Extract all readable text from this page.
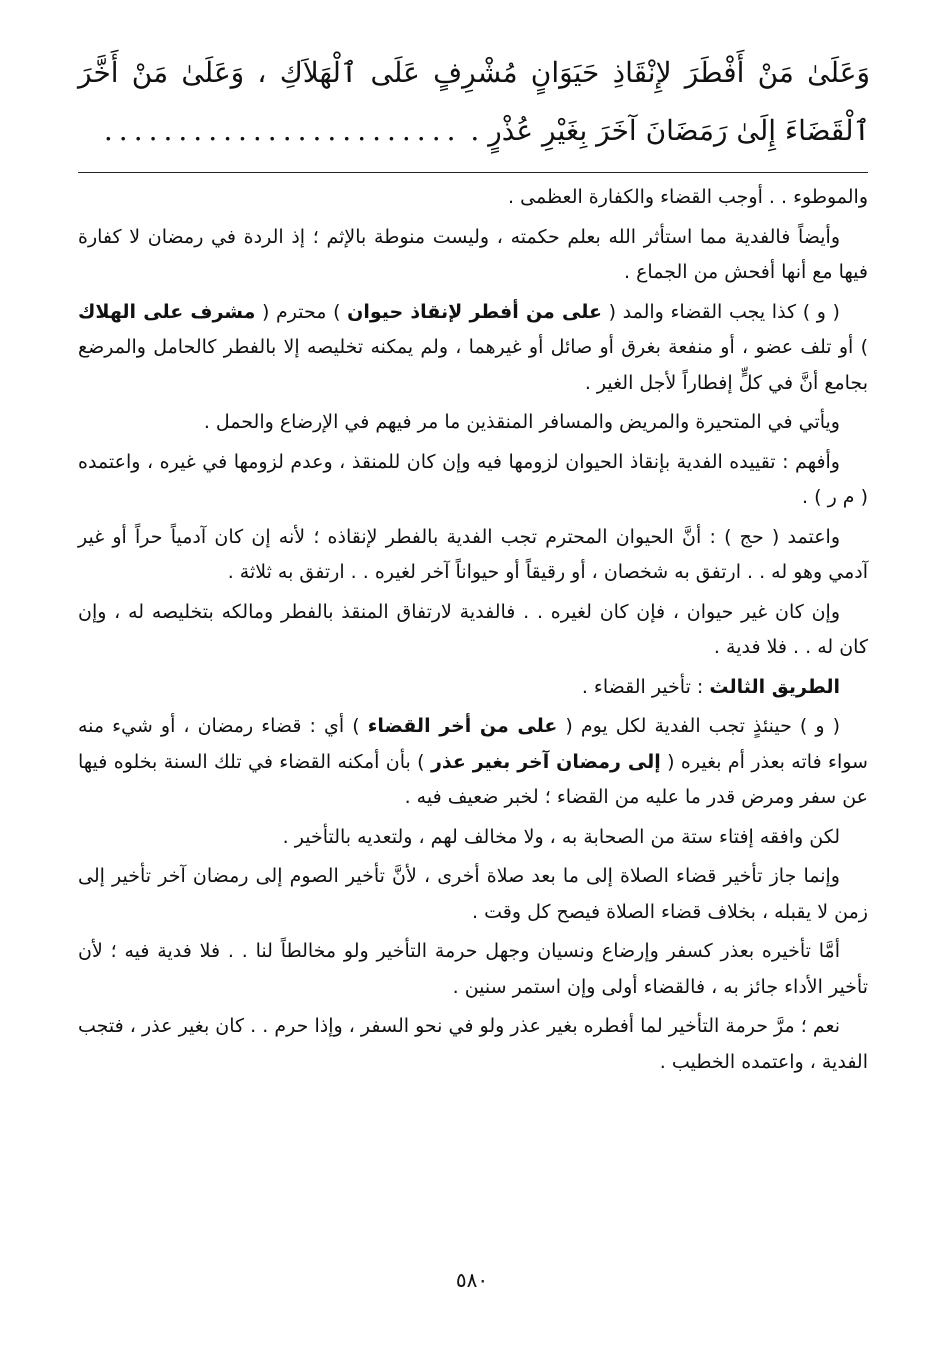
وَعَلَىٰ مَنْ أَفْطَرَ لإِنْقَاذِ حَيَوَانٍ مُشْرِفٍ عَلَى ٱلْهَلاَكِ ، وَعَلَىٰ مَنْ أَخَّرَ ٱلْقَضَاءَ إِلَىٰ رَمَضَانَ آخَرَ بِغَيْرِ عُذْرٍ . ........................

والموطوء . . أوجب القضاء والكفارة العظمى .

وأيضاً فالفدية مما استأثر الله بعلم حكمته ، وليست منوطة بالإثم ؛ إذ الردة في رمضان لا كفارة فيها مع أنها أفحش من الجماع .

( و ) كذا يجب القضاء والمد ( على من أفطر لإنقاذ حيوان ) محترم ( مشرف على الهلاك ) أو تلف عضو ، أو منفعة بغرق أو صائل أو غيرهما ، ولم يمكنه تخليصه إلا بالفطر كالحامل والمرضع بجامع أنَّ في كلٍّ إفطاراً لأجل الغير .

ويأتي في المتحيرة والمريض والمسافر المنقذين ما مر فيهم في الإرضاع والحمل .

وأفهم : تقييده الفدية بإنقاذ الحيوان لزومها فيه وإن كان للمنقذ ، وعدم لزومها في غيره ، واعتمده ( م ر ) .

واعتمد ( حج ) : أنَّ الحيوان المحترم تجب الفدية بالفطر لإنقاذه ؛ لأنه إن كان آدمياً حراً أو غير آدمي وهو له . . ارتفق به شخصان ، أو رقيقاً أو حيواناً آخر لغيره . . ارتفق به ثلاثة .

وإن كان غير حيوان ، فإن كان لغيره . . فالفدية لارتفاق المنقذ بالفطر ومالكه بتخليصه له ، وإن كان له . . فلا فدية .

الطريق الثالث : تأخير القضاء .

( و ) حينئذٍ تجب الفدية لكل يوم ( على من أخر القضاء ) أي : قضاء رمضان ، أو شيء منه سواء فاته بعذر أم بغيره ( إلى رمضان آخر بغير عذر ) بأن أمكنه القضاء في تلك السنة بخلوه فيها عن سفر ومرض قدر ما عليه من القضاء ؛ لخبر ضعيف فيه .

لكن وافقه إفتاء ستة من الصحابة به ، ولا مخالف لهم ، ولتعديه بالتأخير .

وإنما جاز تأخير قضاء الصلاة إلى ما بعد صلاة أخرى ، لأنَّ تأخير الصوم إلى رمضان آخر تأخير إلى زمن لا يقبله ، بخلاف قضاء الصلاة فيصح كل وقت .

أمَّا تأخيره بعذر كسفر وإرضاع ونسيان وجهل حرمة التأخير ولو مخالطاً لنا . . فلا فدية فيه ؛ لأن تأخير الأداء جائز به ، فالقضاء أولى وإن استمر سنين .

نعم ؛ مرَّ حرمة التأخير لما أفطره بغير عذر ولو في نحو السفر ، وإذا حرم . . كان بغير عذر ، فتجب الفدية ، واعتمده الخطيب .

٥٨٠
